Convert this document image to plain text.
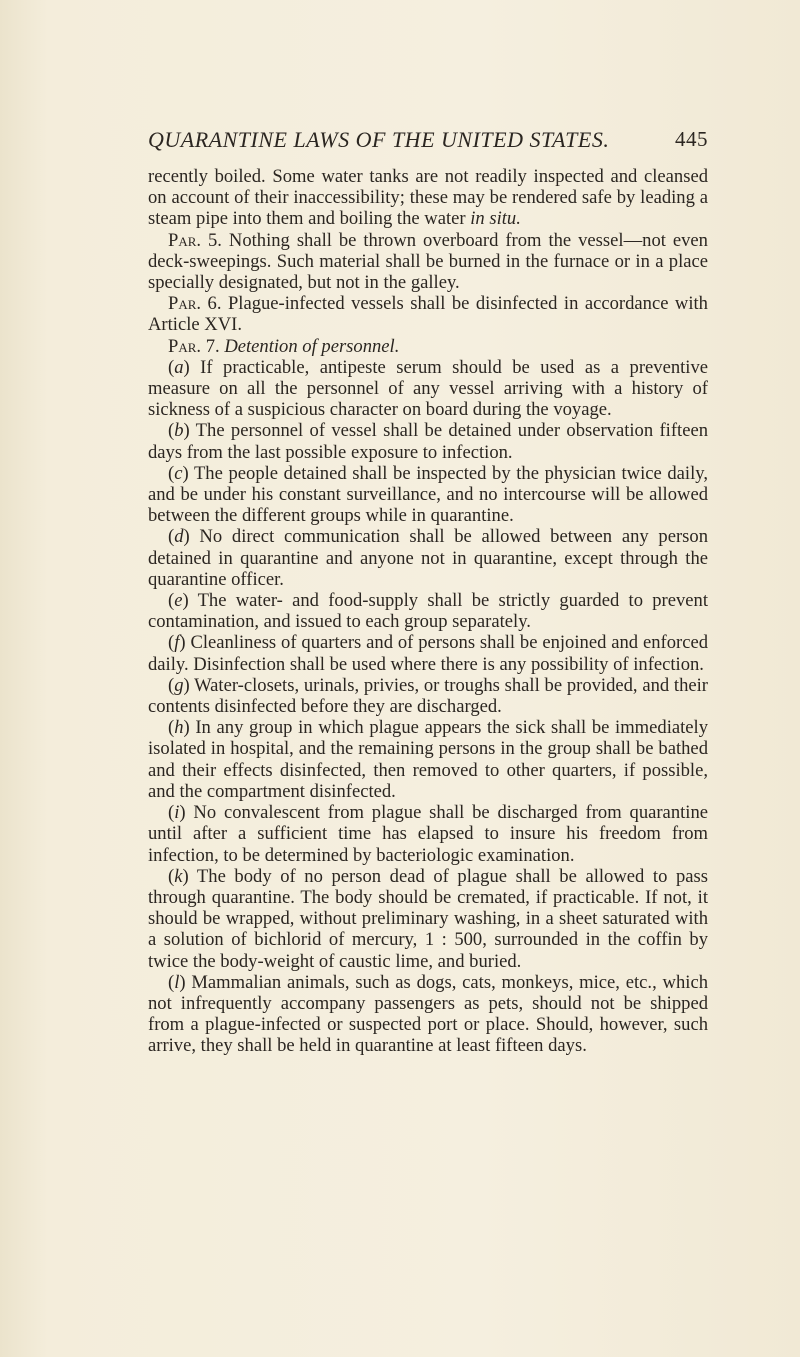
QUARANTINE LAWS OF THE UNITED STATES.	445

recently boiled. Some water tanks are not readily inspected and cleansed on account of their inaccessibility; these may be rendered safe by leading a steam pipe into them and boiling the water in situ.

Par. 5. Nothing shall be thrown overboard from the vessel—not even deck-sweepings. Such material shall be burned in the furnace or in a place specially designated, but not in the galley.

Par. 6. Plague-infected vessels shall be disinfected in accordance with Article XVI.

Par. 7. Detention of personnel.

(a) If practicable, antipeste serum should be used as a preventive measure on all the personnel of any vessel arriving with a history of sickness of a suspicious character on board during the voyage.

(b) The personnel of vessel shall be detained under observation fifteen days from the last possible exposure to infection.

(c) The people detained shall be inspected by the physician twice daily, and be under his constant surveillance, and no intercourse will be allowed between the different groups while in quarantine.

(d) No direct communication shall be allowed between any person detained in quarantine and anyone not in quarantine, except through the quarantine officer.

(e) The water- and food-supply shall be strictly guarded to prevent contamination, and issued to each group separately.

(f) Cleanliness of quarters and of persons shall be enjoined and enforced daily. Disinfection shall be used where there is any possibility of infection.

(g) Water-closets, urinals, privies, or troughs shall be provided, and their contents disinfected before they are discharged.

(h) In any group in which plague appears the sick shall be immediately isolated in hospital, and the remaining persons in the group shall be bathed and their effects disinfected, then removed to other quarters, if possible, and the compartment disinfected.

(i) No convalescent from plague shall be discharged from quarantine until after a sufficient time has elapsed to insure his freedom from infection, to be determined by bacteriologic examination.

(k) The body of no person dead of plague shall be allowed to pass through quarantine. The body should be cremated, if practicable. If not, it should be wrapped, without preliminary washing, in a sheet saturated with a solution of bichlorid of mercury, 1 : 500, surrounded in the coffin by twice the body-weight of caustic lime, and buried.

(l) Mammalian animals, such as dogs, cats, monkeys, mice, etc., which not infrequently accompany passengers as pets, should not be shipped from a plague-infected or suspected port or place. Should, however, such arrive, they shall be held in quarantine at least fifteen days.
